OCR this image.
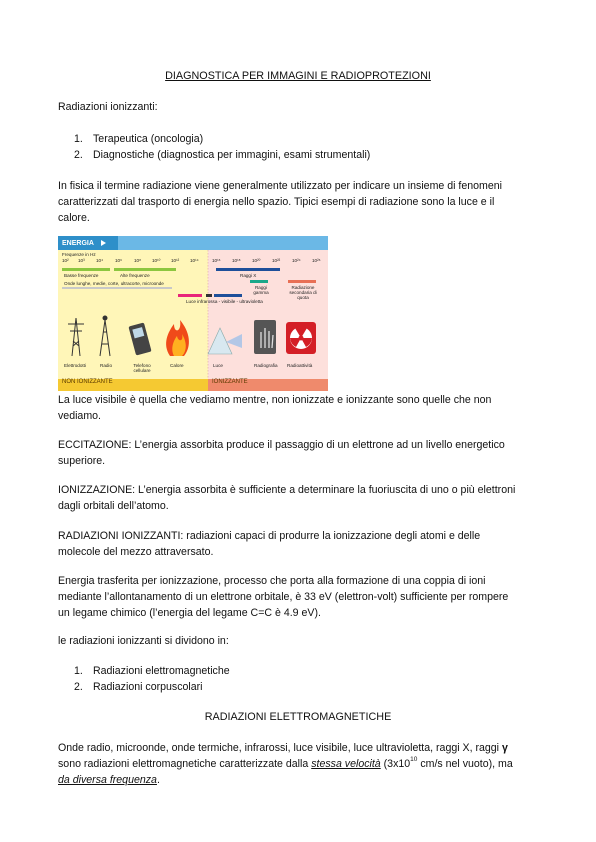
DIAGNOSTICA PER IMMAGINI E RADIOPROTEZIONI
Radiazioni ionizzanti:
1. Terapeutica (oncologia)
2. Diagnostiche (diagnostica per immagini, esami strumentali)
In fisica il termine radiazione viene generalmente utilizzato per indicare un insieme di fenomeni
caratterizzati dal trasporto di energia nello spazio. Tipici esempi di radiazione sono la luce e il
calore.
ENERGIA
Frequenze in Hz
10² 10³ 10⁴	10⁶	10⁸ 10¹⁰ 10¹² 10¹⁴	10¹⁶ 10¹⁸ 10²⁰	10²²	10²⁴ 10²⁶
Basse frequenze	Alte frequenze
Onde lunghe, medie, corte, ultracorte, microonde
Luce infrarossa - visibile - ultravioletta
Raggi X
Raggi gamma
Radiazione secondaria di quota
Elettrodotti	Radio	Telefono cellulare
Calore	Luce	Radiografia Radioattività
NON IONIZZANTE	IONIZZANTE
La luce visibile è quella che vediamo mentre, non ionizzate e ionizzante sono quelle che non
vediamo.
ECCITAZIONE: L’energia assorbita produce il passaggio di un elettrone ad un livello energetico
superiore.
IONIZZAZIONE: L’energia assorbita è sufficiente a determinare la fuoriuscita di uno o più elettroni
dagli orbitali dell’atomo.
RADIAZIONI IONIZZANTI: radiazioni capaci di produrre la ionizzazione degli atomi e delle
molecole del mezzo attraversato.
Energia trasferita per ionizzazione, processo che porta alla formazione di una coppia di ioni
mediante l’allontanamento di un elettrone orbitale, è 33 eV (elettron-volt) sufficiente per rompere
un legame chimico (l’energia del legame C=C è 4.9 eV).
le radiazioni ionizzanti si dividono in:
1. Radiazioni elettromagnetiche
2. Radiazioni corpuscolari
RADIAZIONI ELETTROMAGNETICHE
Onde radio, microonde, onde termiche, infrarossi, luce visibile, luce ultravioletta, raggi X, raggi γ
sono radiazioni elettromagnetiche caratterizzate dalla stessa velocità ($3x10^{10}$ cm/s nel vuoto), ma
da diversa frequenza.
